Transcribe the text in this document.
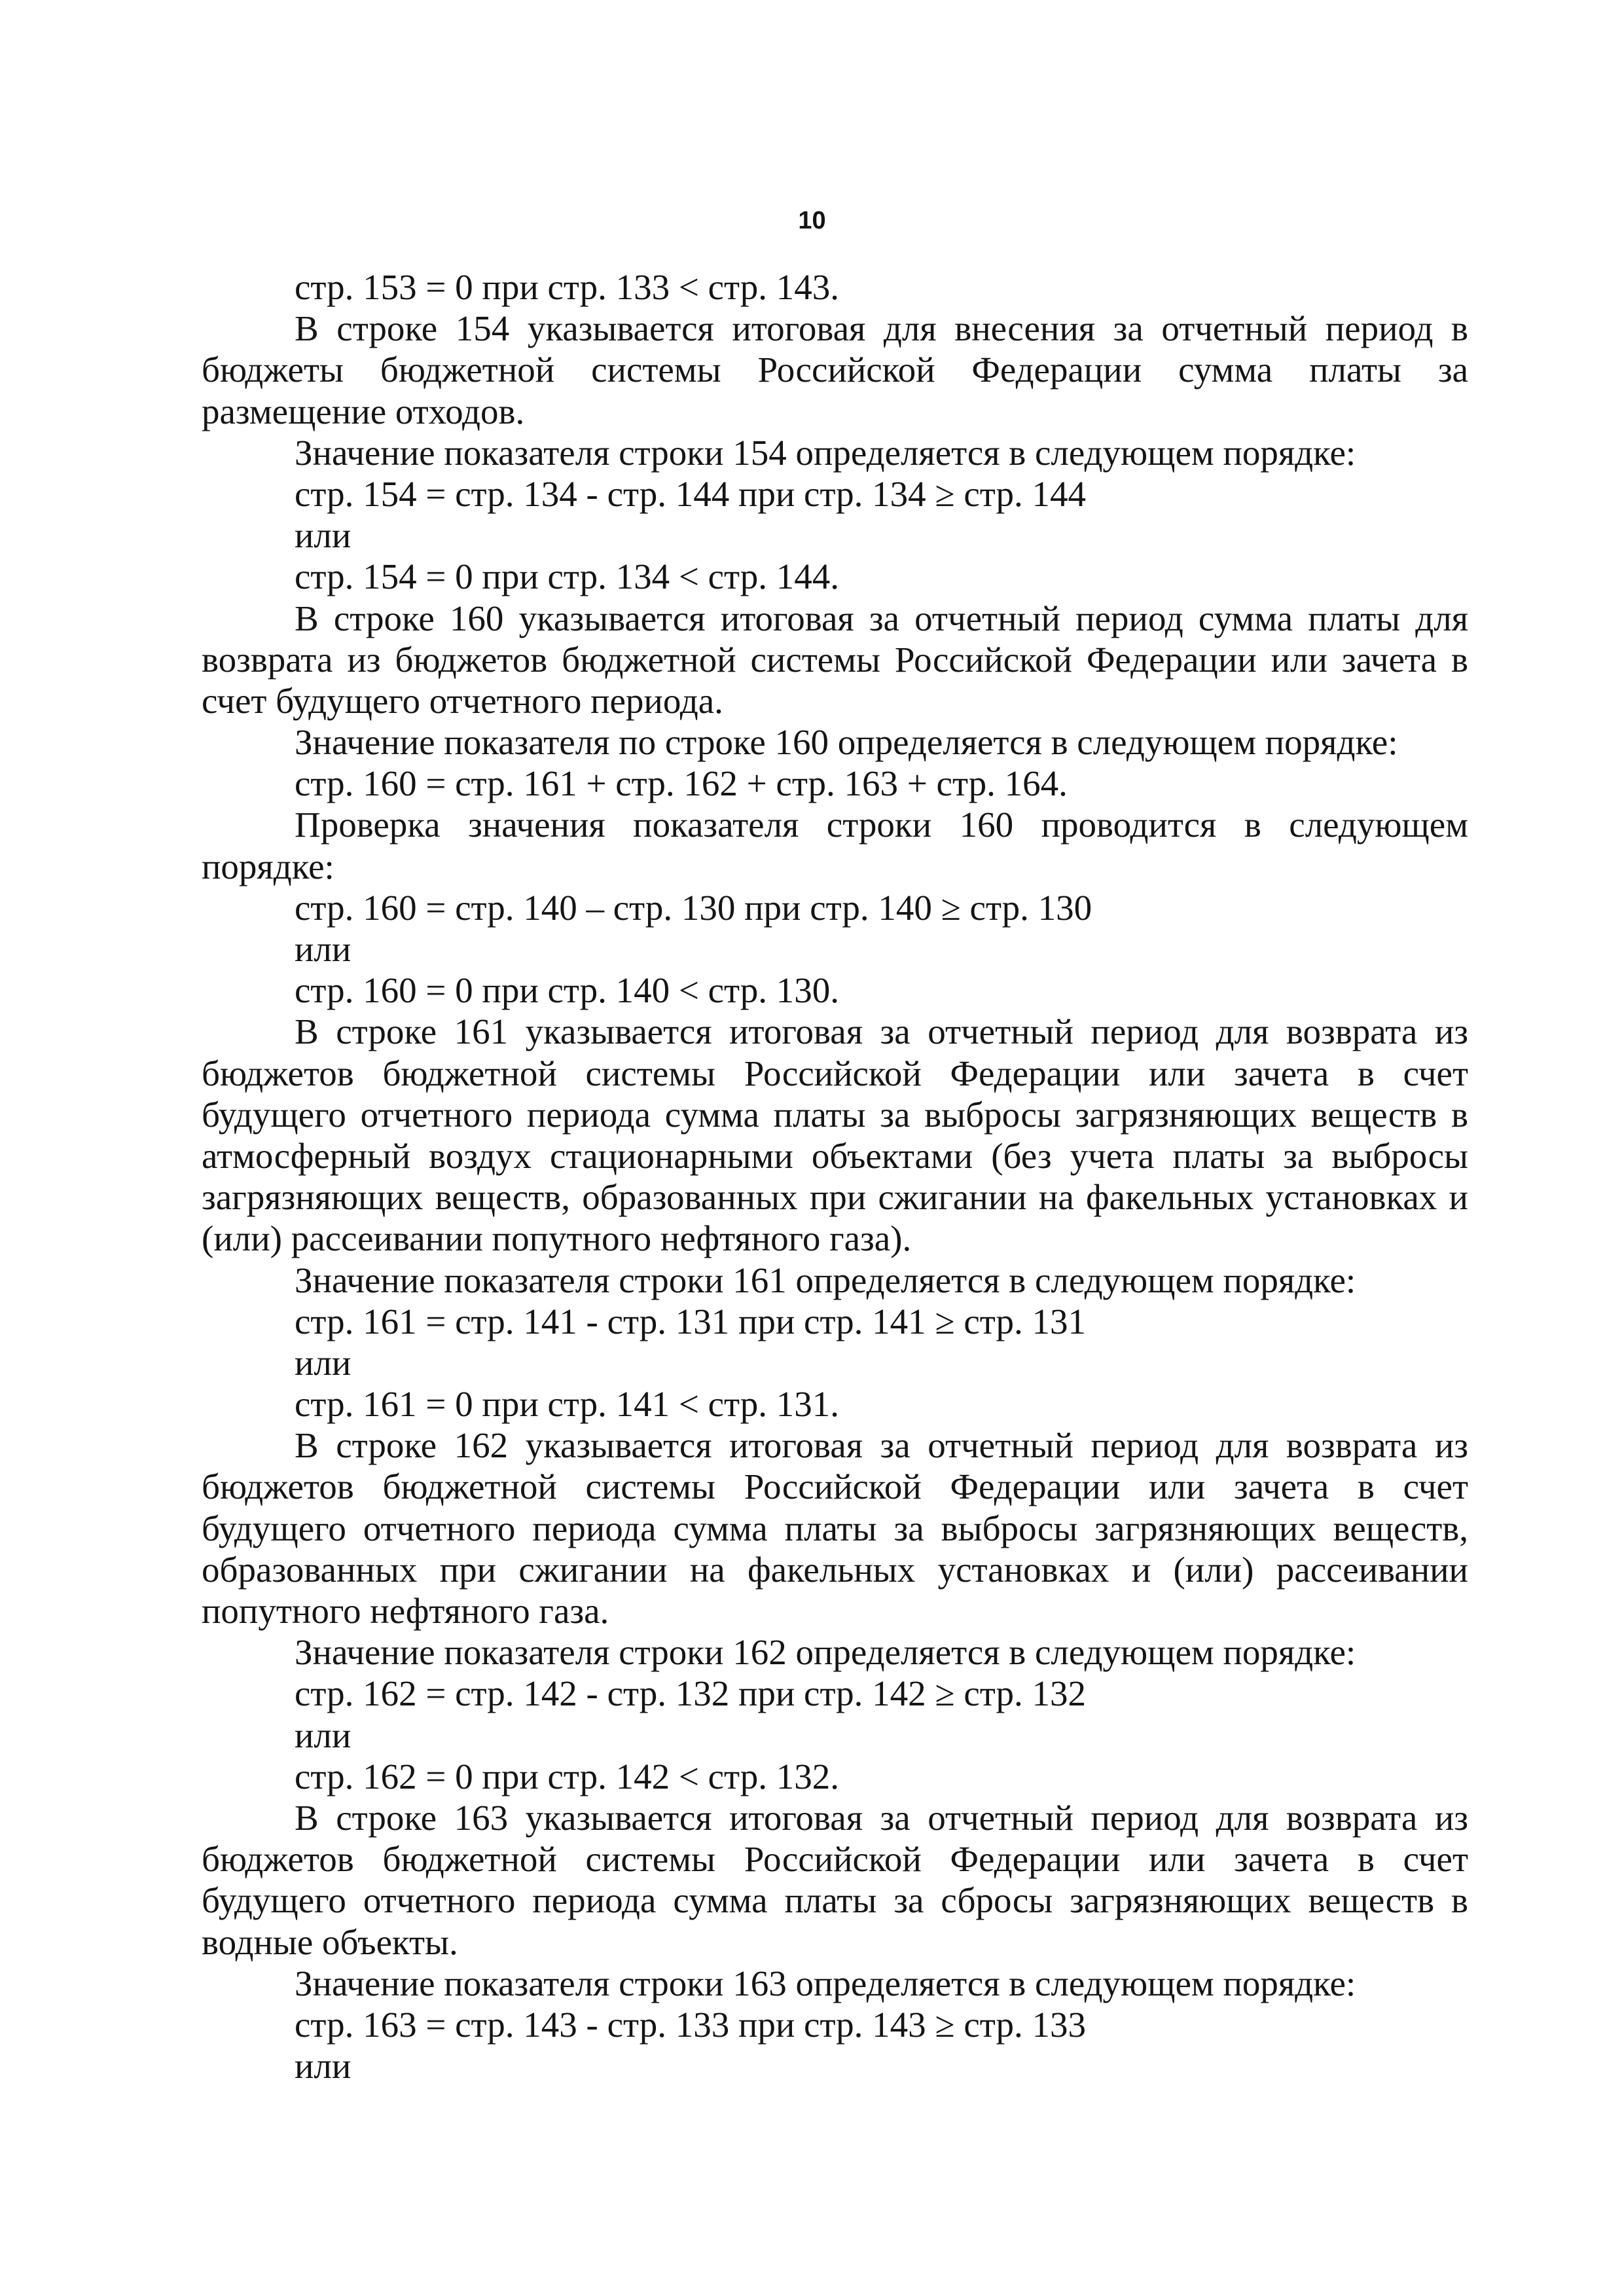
10
стр. 153 = 0 при стр. 133 < стр. 143.
В строке 154 указывается итоговая для внесения за отчетный период в
бюджеты бюджетной системы Российской Федерации сумма платы за
размещение отходов.
Значение показателя строки 154 определяется в следующем порядке:
стр. 154 = стр. 134 - стр. 144 при стр. 134 ≥ стр. 144
или
стр. 154 = 0 при стр. 134 < стр. 144.
В строке 160 указывается итоговая за отчетный период сумма платы для
возврата из бюджетов бюджетной системы Российской Федерации или зачета в
счет будущего отчетного периода.
Значение показателя по строке 160 определяется в следующем порядке:
стр. 160 = стр. 161 + стр. 162 + стр. 163 + стр. 164.
Проверка значения показателя строки 160 проводится в следующем
порядке:
стр. 160 = стр. 140 – стр. 130 при стр. 140 ≥ стр. 130
или
стр. 160 = 0 при стр. 140 < стр. 130.
В строке 161 указывается итоговая за отчетный период для возврата из
бюджетов бюджетной системы Российской Федерации или зачета в счет
будущего отчетного периода сумма платы за выбросы загрязняющих веществ в
атмосферный воздух стационарными объектами (без учета платы за выбросы
загрязняющих веществ, образованных при сжигании на факельных установках и
(или) рассеивании попутного нефтяного газа).
Значение показателя строки 161 определяется в следующем порядке:
стр. 161 = стр. 141 - стр. 131 при стр. 141 ≥ стр. 131
или
стр. 161 = 0 при стр. 141 < стр. 131.
В строке 162 указывается итоговая за отчетный период для возврата из
бюджетов бюджетной системы Российской Федерации или зачета в счет
будущего отчетного периода сумма платы за выбросы загрязняющих веществ,
образованных при сжигании на факельных установках и (или) рассеивании
попутного нефтяного газа.
Значение показателя строки 162 определяется в следующем порядке:
стр. 162 = стр. 142 - стр. 132 при стр. 142 ≥ стр. 132
или
стр. 162 = 0 при стр. 142 < стр. 132.
В строке 163 указывается итоговая за отчетный период для возврата из
бюджетов бюджетной системы Российской Федерации или зачета в счет
будущего отчетного периода сумма платы за сбросы загрязняющих веществ в
водные объекты.
Значение показателя строки 163 определяется в следующем порядке:
стр. 163 = стр. 143 - стр. 133 при стр. 143 ≥ стр. 133
или
